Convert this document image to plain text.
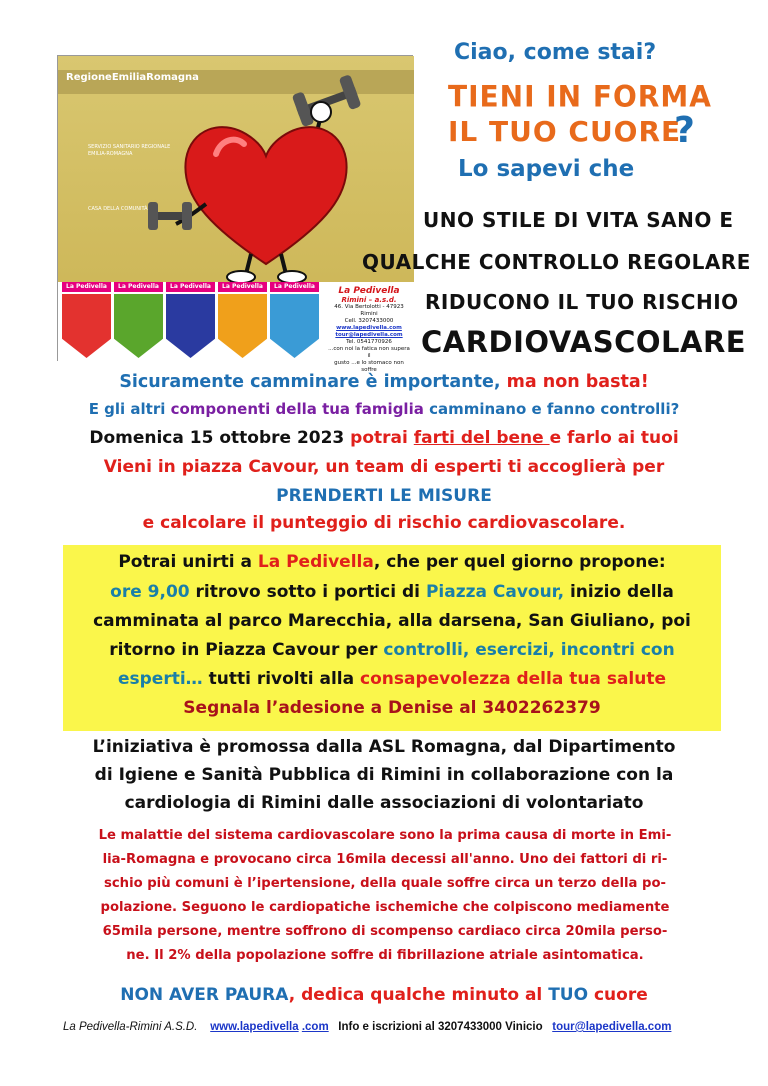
RegioneEmiliaRomagna
SERVIZIO SANITARIO REGIONALE
EMILIA-ROMAGNA
CASA DELLA COMUNITÀ
La Pedivella	La Pedivella	La Pedivella	La Pedivella	La Pedivella	La Pedivella
Rimini – a.s.d.
46. Via Bertolotti - 47923 Rimini
Cell. 3207433000
www.lapedivella.com
tour@lapedivella.com
Tel. 0541770926
...con noi la fatica non supera il
gusto ...e lo stomaco non soffre
Ciao, come stai?
TIENI IN FORMA
IL TUO CUORE
?
Lo sapevi che
UNO STILE DI VITA SANO E
QUALCHE CONTROLLO REGOLARE
RIDUCONO IL TUO RISCHIO
CARDIOVASCOLARE
Sicuramente camminare è importante, ma non basta!
E gli altri componenti della tua famiglia camminano e fanno controlli?
Domenica 15 ottobre 2023 potrai farti del bene e farlo ai tuoi
Vieni in piazza Cavour, un team di esperti ti accoglierà per
PRENDERTI LE MISURE
e calcolare il punteggio di rischio cardiovascolare.
Potrai unirti a La Pedivella, che per quel giorno propone:
ore 9,00 ritrovo sotto i portici di Piazza Cavour, inizio della
camminata al parco Marecchia, alla darsena, San Giuliano, poi
ritorno in Piazza Cavour per controlli, esercizi, incontri con
esperti… tutti rivolti alla consapevolezza della tua salute
Segnala l’adesione a Denise al 3402262379
L’iniziativa è promossa dalla ASL Romagna, dal Dipartimento
di Igiene e Sanità Pubblica di Rimini in collaborazione con la
cardiologia di Rimini dalle associazioni di volontariato
Le malattie del sistema cardiovascolare sono la prima causa di morte in Emi-
lia-Romagna e provocano circa 16mila decessi all'anno. Uno dei fattori di ri-
schio più comuni è l’ipertensione, della quale soffre circa un terzo della po-
polazione. Seguono le cardiopatiche ischemiche che colpiscono mediamente
65mila persone, mentre soffrono di scompenso cardiaco circa 20mila perso-
ne. Il 2% della popolazione soffre di fibrillazione atriale asintomatica.
NON AVER PAURA, dedica qualche minuto al TUO cuore
La Pedivella-Rimini A.S.D. www.lapedivella .com Info e iscrizioni al 3207433000 Vinicio tour@lapedivella.com
